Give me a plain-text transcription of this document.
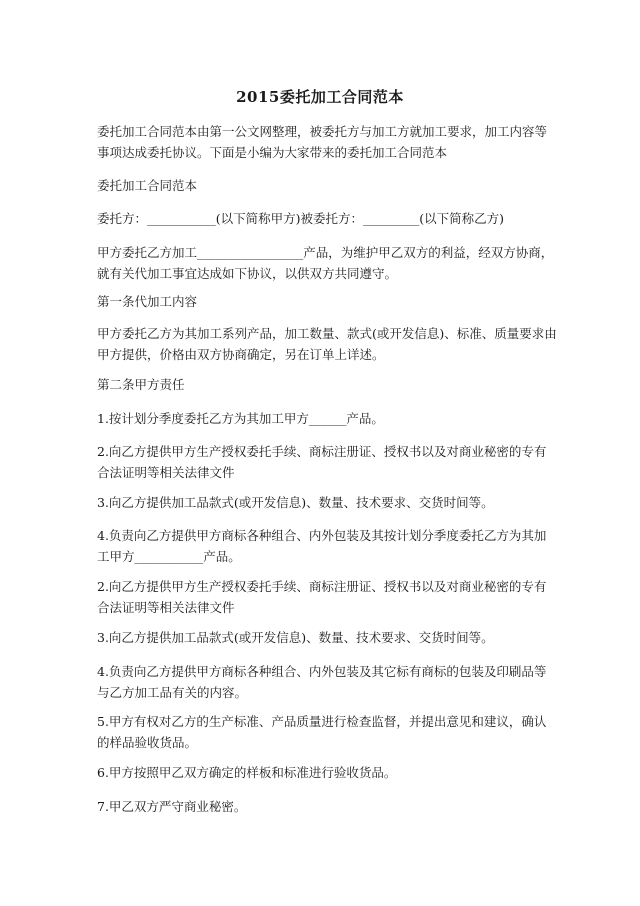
2015委托加工合同范本

委托加工合同范本由第一公文网整理，被委托方与加工方就加工要求，加工内容等事项达成委托协议。下面是小编为大家带来的委托加工合同范本

委托加工合同范本

委托方：___________(以下简称甲方)被委托方：_________(以下简称乙方)

甲方委托乙方加工_________________产品，为维护甲乙双方的利益，经双方协商，就有关代加工事宜达成如下协议，以供双方共同遵守。

第一条代加工内容

甲方委托乙方为其加工系列产品，加工数量、款式(或开发信息)、标准、质量要求由甲方提供，价格由双方协商确定，另在订单上详述。

第二条甲方责任

1.按计划分季度委托乙方为其加工甲方______产品。

2.向乙方提供甲方生产授权委托手续、商标注册证、授权书以及对商业秘密的专有合法证明等相关法律文件

3.向乙方提供加工品款式(或开发信息)、数量、技术要求、交货时间等。

4.负责向乙方提供甲方商标各种组合、内外包装及其按计划分季度委托乙方为其加工甲方___________产品。

2.向乙方提供甲方生产授权委托手续、商标注册证、授权书以及对商业秘密的专有合法证明等相关法律文件

3.向乙方提供加工品款式(或开发信息)、数量、技术要求、交货时间等。

4.负责向乙方提供甲方商标各种组合、内外包装及其它标有商标的包装及印刷品等与乙方加工品有关的内容。

5.甲方有权对乙方的生产标准、产品质量进行检查监督，并提出意见和建议，确认的样品验收货品。

6.甲方按照甲乙双方确定的样板和标准进行验收货品。

7.甲乙双方严守商业秘密。
